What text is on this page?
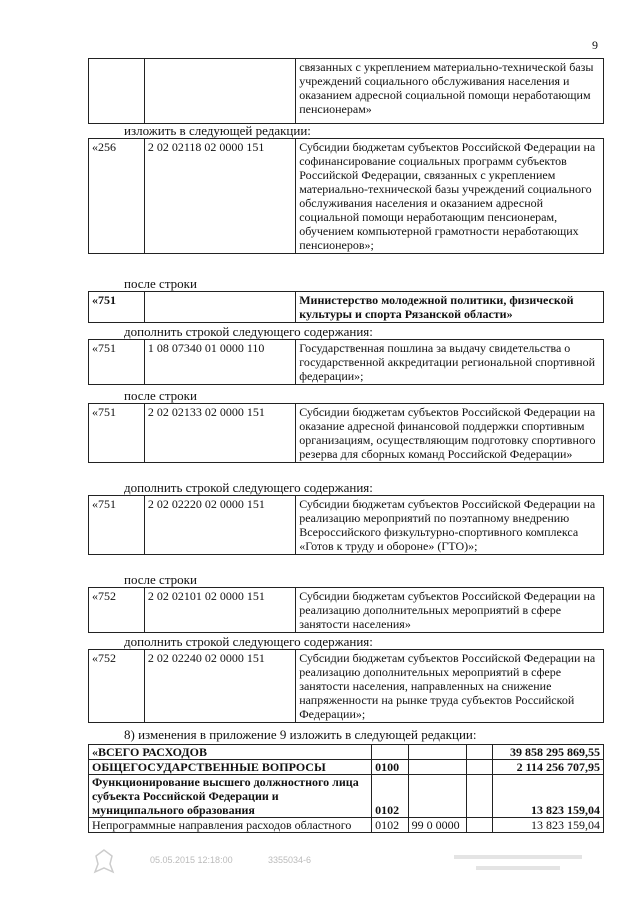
9
		связанных с укреплением материально-технической базы учреждений социального обслуживания населения и оказанием адресной социальной помощи неработающим пенсионерам»
изложить в следующей редакции:
«256	2 02 02118 02 0000 151	Субсидии бюджетам субъектов Российской Федерации на софинансирование социальных программ субъектов Российской Федерации, связанных с укреплением материально-технической базы учреждений социального обслуживания населения и оказанием адресной социальной помощи неработающим пенсионерам, обучением компьютерной грамотности неработающих пенсионеров»;
после строки
«751		Министерство молодежной политики, физической культуры и спорта Рязанской области»
дополнить строкой следующего содержания:
«751	1 08 07340 01 0000 110	Государственная пошлина за выдачу свидетельства о государственной аккредитации региональной спортивной федерации»;
после строки
«751	2 02 02133 02 0000 151	Субсидии бюджетам субъектов Российской Федерации на оказание адресной финансовой поддержки спортивным организациям, осуществляющим подготовку спортивного резерва для сборных команд Российской Федерации»
дополнить строкой следующего содержания:
«751	2 02 02220 02 0000 151	Субсидии бюджетам субъектов Российской Федерации на реализацию мероприятий по поэтапному внедрению Всероссийского физкультурно-спортивного комплекса «Готов к труду и обороне» (ГТО)»;
после строки
«752	2 02 02101 02 0000 151	Субсидии бюджетам субъектов Российской Федерации на реализацию дополнительных мероприятий в сфере занятости населения»
дополнить строкой следующего содержания:
«752	2 02 02240 02 0000 151	Субсидии бюджетам субъектов Российской Федерации на реализацию дополнительных мероприятий в сфере занятости населения, направленных на снижение напряженности на рынке труда субъектов Российской Федерации»;
8) изменения в приложение 9 изложить в следующей редакции:
«ВСЕГО РАСХОДОВ				39 858 295 869,55
ОБЩЕГОСУДАРСТВЕННЫЕ ВОПРОСЫ	0100			2 114 256 707,95
Функционирование высшего должностного лица субъекта Российской Федерации и муниципального образования	0102			13 823 159,04
Непрограммные направления расходов областного	0102	99 0 0000		13 823 159,04
05.05.2015 12:18:00	3355034-6
